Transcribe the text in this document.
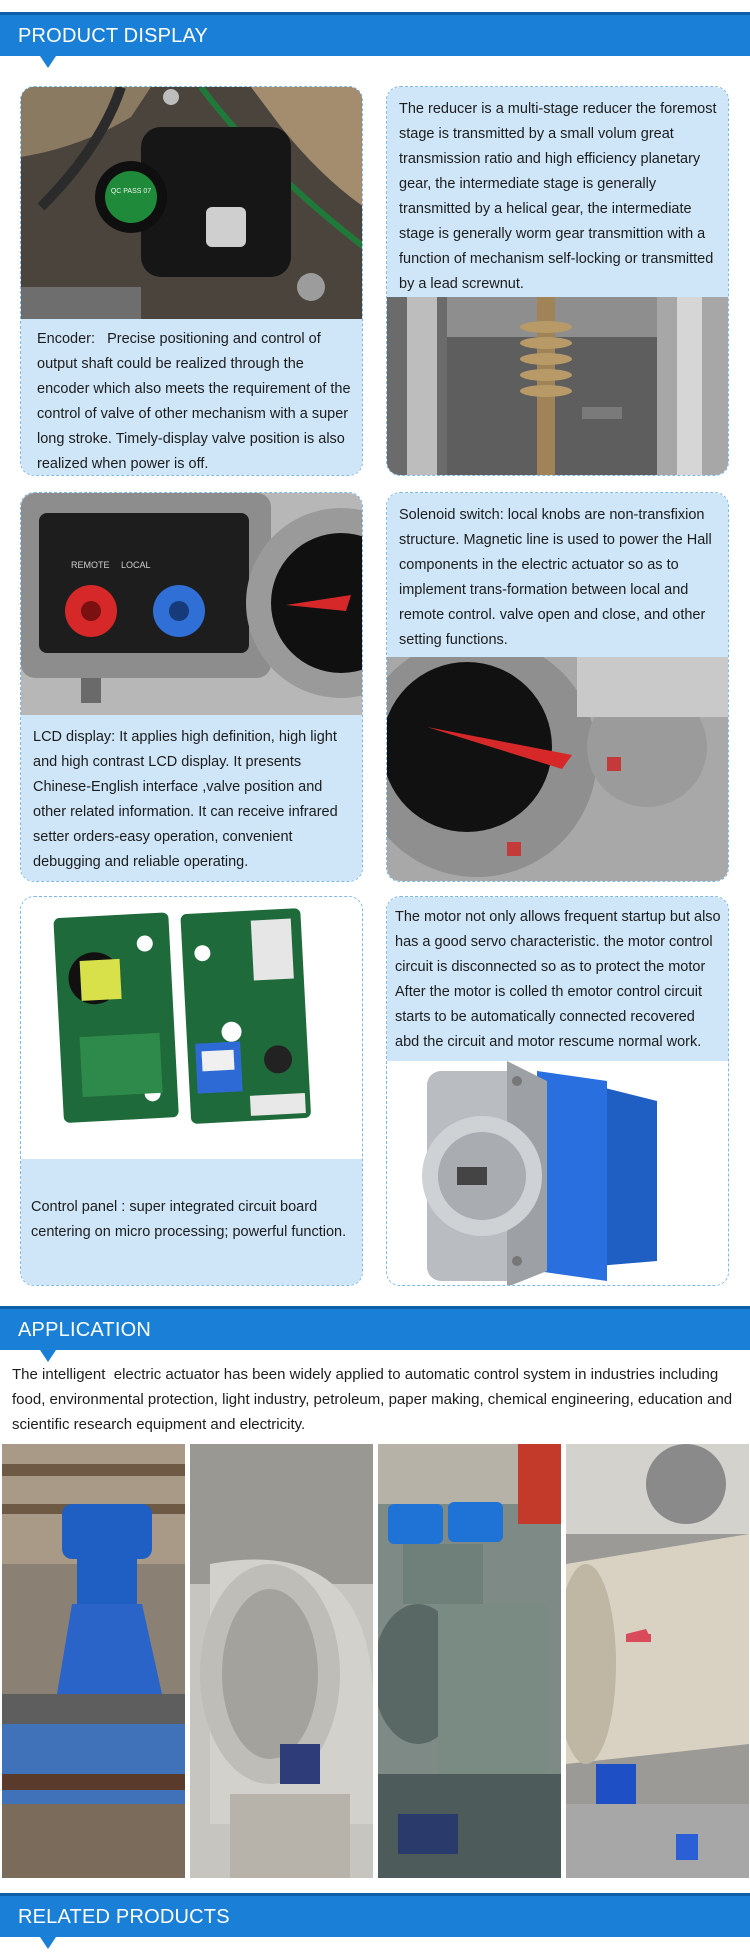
PRODUCT DISPLAY
QC PASS 07
Encoder:   Precise positioning and control of output shaft could be realized through the encoder which also meets the requirement of the control of valve of other mechanism with a super long stroke. Timely-display valve position is also realized when power is off.
The reducer is a multi-stage reducer the foremost stage is transmitted by a small volum great transmission ratio and high efficiency planetary gear, the intermediate stage is generally transmitted by a helical gear, the intermediate stage is generally worm gear transmittion with a function of mechanism self-locking or transmitted by a lead screwnut.
REMOTE LOCAL
LCD display: It applies high definition, high light and high contrast LCD display. It presents Chinese-English interface ,valve position and other related information. It can receive infrared setter orders-easy operation, convenient debugging and reliable operating.
Solenoid switch: local knobs are non-transfixion structure. Magnetic line is used to power the Hall components in the electric actuator so as to implement trans-formation between local and remote control. valve open and close, and other setting functions.
Control panel : super integrated circuit board centering on micro processing; powerful function.
The motor not only allows frequent startup but also has a good servo characteristic. the motor control circuit is disconnected so as to protect the motor After the motor is colled th emotor control circuit starts to be automatically connected recovered abd the circuit and motor rescume normal work.
APPLICATION
The intelligent  electric actuator has been widely applied to automatic control system in industries including food, environmental protection, light industry, petroleum, paper making, chemical engineering, education and scientific research equipment and electricity.
RELATED PRODUCTS
